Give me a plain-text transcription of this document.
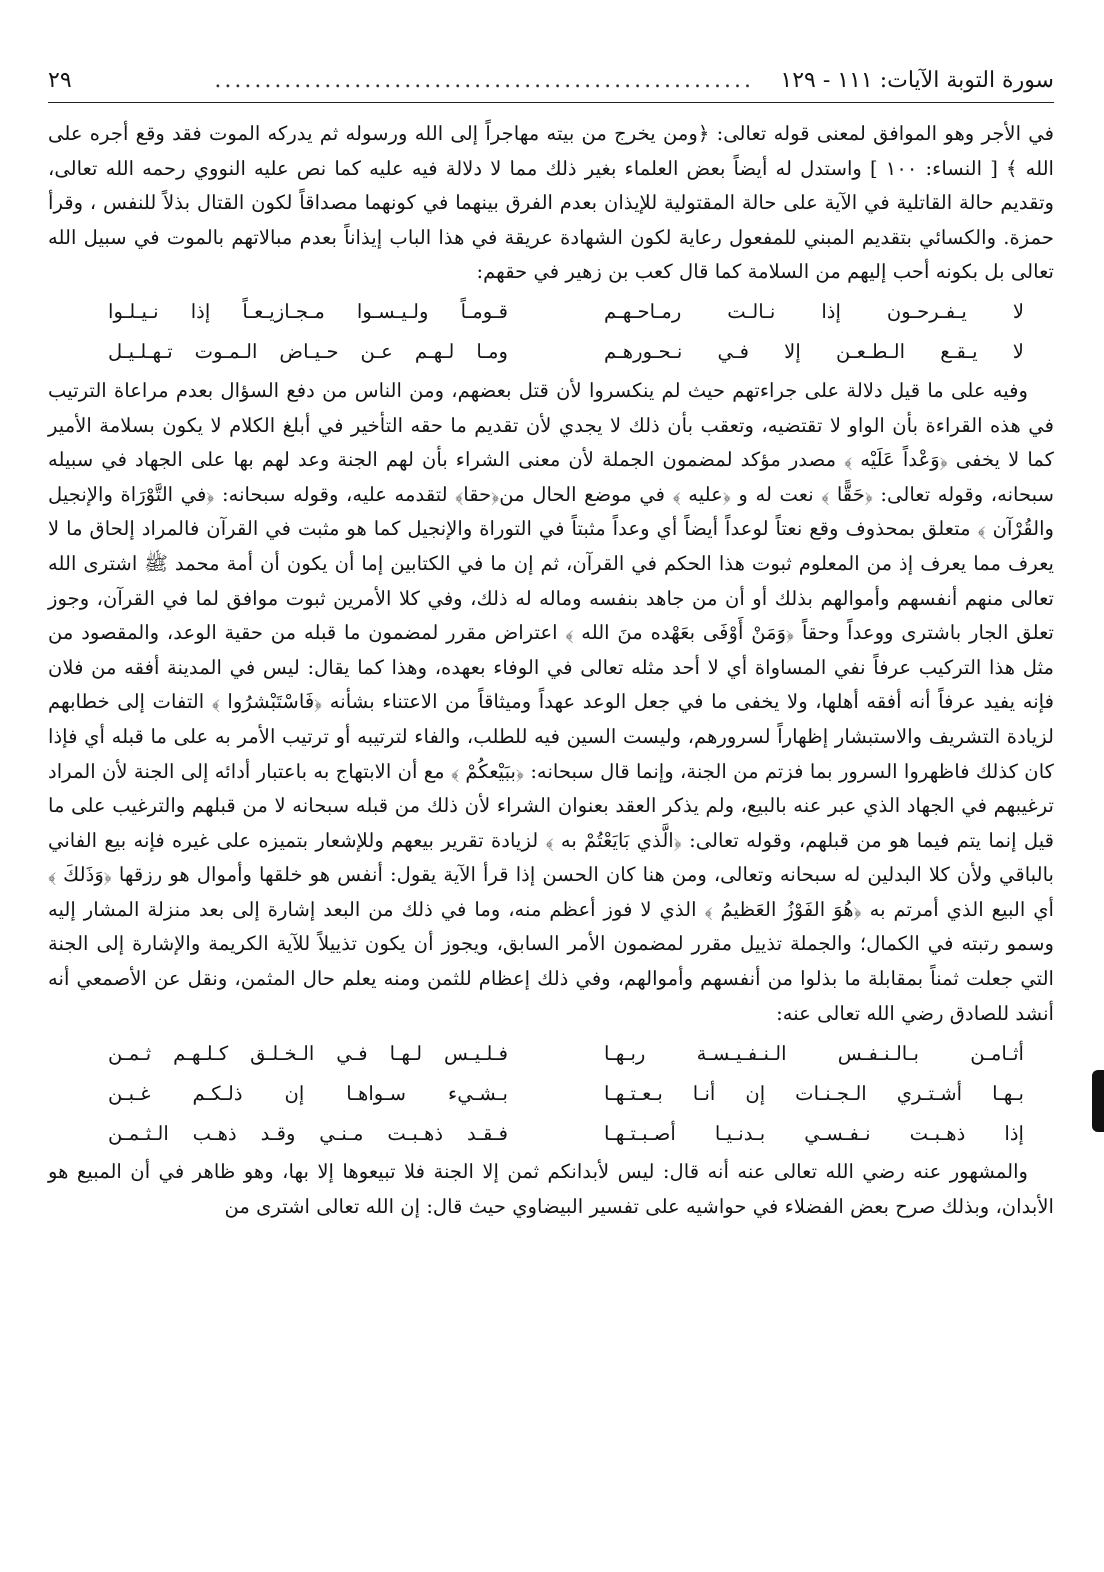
سورة التوبة الآيات: ١١١ - ١٢٩
......................................................
٢٩

في الأجر وهو الموافق لمعنى قوله تعالى: ﴿ومن يخرج من بيته مهاجراً إلى الله ورسوله ثم يدركه الموت فقد وقع أجره على الله ﴾ [ النساء: ١٠٠ ] واستدل له أيضاً بعض العلماء بغير ذلك مما لا دلالة فيه عليه كما نص عليه النووي رحمه الله تعالى، وتقديم حالة القاتلية في الآية على حالة المقتولية للإيذان بعدم الفرق بينهما في كونهما مصداقاً لكون القتال بذلاً للنفس ، وقرأ حمزة. والكسائي بتقديم المبني للمفعول رعاية لكون الشهادة عريقة في هذا الباب إيذاناً بعدم مبالاتهم بالموت في سبيل الله تعالى بل بكونه أحب إليهم من السلامة كما قال كعب بن زهير في حقهم:

لا يـفـرحـون إذا نـالـت رمـاحـهـم
قـومـاً ولـيـسـوا مـجـازيـعـاً إذا نـيـلـوا
لا يـقـع الـطـعـن إلا فـي نـحـورهـم
ومـا لـهـم عـن حـيـاض الـمـوت تـهـلـيـل

وفيه على ما قيل دلالة على جراءتهم حيث لم ينكسروا لأن قتل بعضهم، ومن الناس من دفع السؤال بعدم مراعاة الترتيب في هذه القراءة بأن الواو لا تقتضيه، وتعقب بأن ذلك لا يجدي لأن تقديم ما حقه التأخير في أبلغ الكلام لا يكون بسلامة الأمير كما لا يخفى ﴿وَعْداً عَلَيْه ﴾ مصدر مؤكد لمضمون الجملة لأن معنى الشراء بأن لهم الجنة وعد لهم بها على الجهاد في سبيله سبحانه، وقوله تعالى: ﴿حَقًّا ﴾ نعت له و ﴿عليه ﴾ في موضع الحال من﴿حقا﴾ لتقدمه عليه، وقوله سبحانه: ﴿في التَّوْرَاة والإنجيل والقُرْآن ﴾ متعلق بمحذوف وقع نعتاً لوعداً أيضاً أي وعداً مثبتاً في التوراة والإنجيل كما هو مثبت في القرآن فالمراد إلحاق ما لا يعرف مما يعرف إذ من المعلوم ثبوت هذا الحكم في القرآن، ثم إن ما في الكتابين إما أن يكون أن أمة محمد ﷺ اشترى الله تعالى منهم أنفسهم وأموالهم بذلك أو أن من جاهد بنفسه وماله له ذلك، وفي كلا الأمرين ثبوت موافق لما في القرآن، وجوز تعلق الجار باشترى ووعداً وحقاً ﴿وَمَنْ أَوْفَى بعَهْده منَ الله ﴾ اعتراض مقرر لمضمون ما قبله من حقية الوعد، والمقصود من مثل هذا التركيب عرفاً نفي المساواة أي لا أحد مثله تعالى في الوفاء بعهده، وهذا كما يقال: ليس في المدينة أفقه من فلان فإنه يفيد عرفاً أنه أفقه أهلها، ولا يخفى ما في جعل الوعد عهداً وميثاقاً من الاعتناء بشأنه ﴿فَاسْتَبْشرُوا ﴾ التفات إلى خطابهم لزيادة التشريف والاستبشار إظهاراً لسرورهم، وليست السين فيه للطلب، والفاء لترتيبه أو ترتيب الأمر به على ما قبله أي فإذا كان كذلك فاظهروا السرور بما فزتم من الجنة، وإنما قال سبحانه: ﴿ببَيْعكُمْ ﴾ مع أن الابتهاج به باعتبار أدائه إلى الجنة لأن المراد ترغيبهم في الجهاد الذي عبر عنه بالبيع، ولم يذكر العقد بعنوان الشراء لأن ذلك من قبله سبحانه لا من قبلهم والترغيب على ما قيل إنما يتم فيما هو من قبلهم، وقوله تعالى: ﴿الَّذي بَايَعْتُمْ به ﴾ لزيادة تقرير بيعهم وللإشعار بتميزه على غيره فإنه بيع الفاني بالباقي ولأن كلا البدلين له سبحانه وتعالى، ومن هنا كان الحسن إذا قرأ الآية يقول: أنفس هو خلقها وأموال هو رزقها ﴿وَذَلكَ ﴾ أي البيع الذي أمرتم به ﴿هُوَ الفَوْزُ العَظيمُ ﴾ الذي لا فوز أعظم منه، وما في ذلك من البعد إشارة إلى بعد منزلة المشار إليه وسمو رتبته في الكمال؛ والجملة تذييل مقرر لمضمون الأمر السابق، ويجوز أن يكون تذييلاً للآية الكريمة والإشارة إلى الجنة التي جعلت ثمناً بمقابلة ما بذلوا من أنفسهم وأموالهم، وفي ذلك إعظام للثمن ومنه يعلم حال المثمن، ونقل عن الأصمعي أنه أنشد للصادق رضي الله تعالى عنه:

أثـامـن بـالـنـفـس الـنـفـيـسـة ربـهـا
فـلـيـس لـهـا فـي الـخـلـق كـلـهـم ثـمـن
بـهـا أشـتـري الـجـنـات إن أنـا بـعـتـهـا
بـشـيء سـواهـا إن ذلـكـم غـبـن
إذا ذهـبـت نـفـسـي بـدنـيـا أصـبـتـهـا
فـقـد ذهـبـت مـنـي وقـد ذهـب الـثـمـن

والمشهور عنه رضي الله تعالى عنه أنه قال: ليس لأبدانكم ثمن إلا الجنة فلا تبيعوها إلا بها، وهو ظاهر في أن المبيع هو الأبدان، وبذلك صرح بعض الفضلاء في حواشيه على تفسير البيضاوي حيث قال: إن الله تعالى اشترى من
